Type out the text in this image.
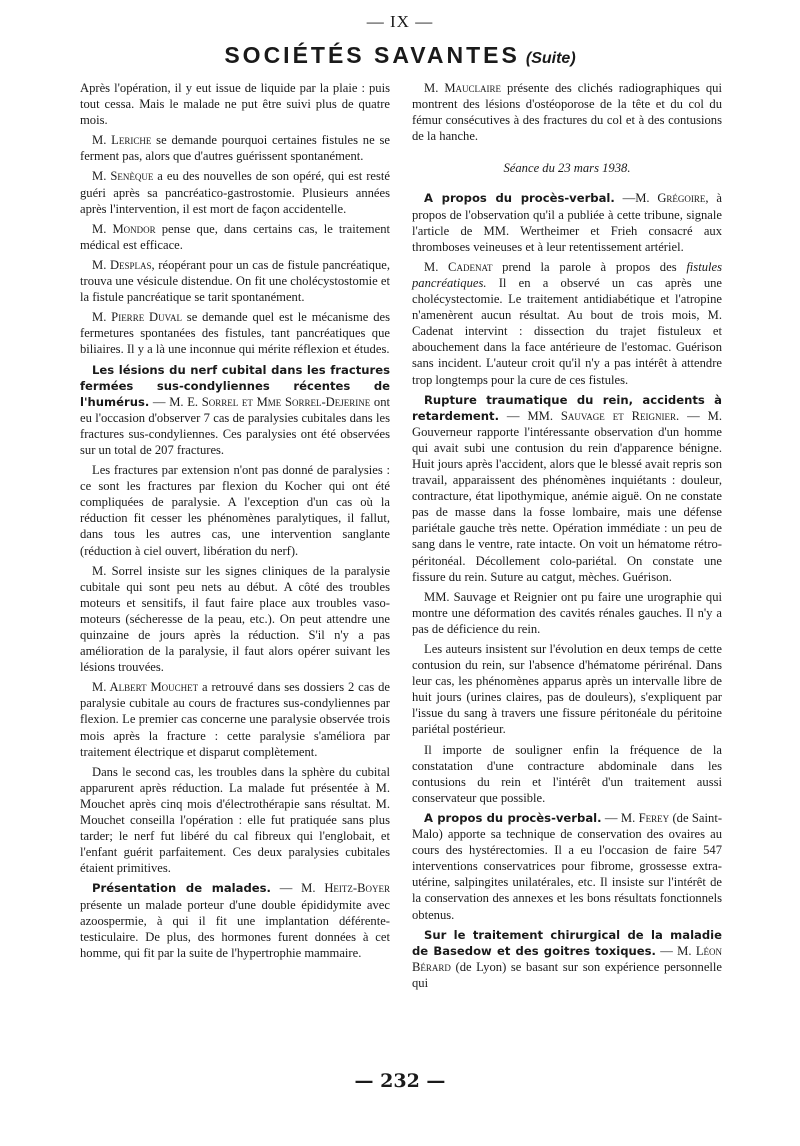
— IX —
SOCIÉTÉS SAVANTES (Suite)

Après l'opération, il y eut issue de liquide par la plaie : puis tout cessa. Mais le malade ne put être suivi plus de quatre mois.

M. Leriche se demande pourquoi certaines fistules ne se ferment pas, alors que d'autres guérissent spontanément.

M. Senèque a eu des nouvelles de son opéré, qui est resté guéri après sa pancréatico-gastrostomie. Plusieurs années après l'intervention, il est mort de façon accidentelle.

M. Mondor pense que, dans certains cas, le traitement médical est efficace.

M. Desplas, réopérant pour un cas de fistule pancréatique, trouva une vésicule distendue. On fit une cholécystostomie et la fistule pancréatique se tarit spontanément.

M. Pierre Duval se demande quel est le mécanisme des fermetures spontanées des fistules, tant pancréatiques que biliaires. Il y a là une inconnue qui mérite réflexion et études.

Les lésions du nerf cubital dans les fractures fermées sus-condyliennes récentes de l'humérus. — M. E. Sorrel et Mme Sorrel-Dejerine ont eu l'occasion d'observer 7 cas de paralysies cubitales dans les fractures sus-condyliennes. Ces paralysies ont été observées sur un total de 207 fractures.

Les fractures par extension n'ont pas donné de paralysies : ce sont les fractures par flexion du Kocher qui ont été compliquées de paralysie. A l'exception d'un cas où la réduction fit cesser les phénomènes paralytiques, il fallut, dans tous les autres cas, une intervention sanglante (réduction à ciel ouvert, libération du nerf).

M. Sorrel insiste sur les signes cliniques de la paralysie cubitale qui sont peu nets au début. A côté des troubles moteurs et sensitifs, il faut faire place aux troubles vaso-moteurs (sécheresse de la peau, etc.). On peut attendre une quinzaine de jours après la réduction. S'il n'y a pas amélioration de la paralysie, il faut alors opérer suivant les lésions trouvées.

M. Albert Mouchet a retrouvé dans ses dossiers 2 cas de paralysie cubitale au cours de fractures sus-condyliennes par flexion. Le premier cas concerne une paralysie observée trois mois après la fracture : cette paralysie s'améliora par traitement électrique et disparut complètement.

Dans le second cas, les troubles dans la sphère du cubital apparurent après réduction. La malade fut présentée à M. Mouchet après cinq mois d'électrothérapie sans résultat. M. Mouchet conseilla l'opération : elle fut pratiquée sans plus tarder; le nerf fut libéré du cal fibreux qui l'englobait, et l'enfant guérit parfaitement. Ces deux paralysies cubitales étaient primitives.

Présentation de malades. — M. Heitz-Boyer présente un malade porteur d'une double épididymite avec azoospermie, à qui il fit une implantation déférente-testiculaire. De plus, des hormones furent données à cet homme, qui fit par la suite de l'hypertrophie mammaire.

M. Mauclaire présente des clichés radiographiques qui montrent des lésions d'ostéoporose de la tête et du col du fémur consécutives à des fractures du col et à des contusions de la hanche.

Séance du 23 mars 1938.

A propos du procès-verbal. —M. Grégoire, à propos de l'observation qu'il a publiée à cette tribune, signale l'article de MM. Wertheimer et Frieh consacré aux thromboses veineuses et à leur retentissement artériel.

M. Cadenat prend la parole à propos des fistules pancréatiques. Il en a observé un cas après une cholécystectomie. Le traitement antidiabétique et l'atropine n'amenèrent aucun résultat. Au bout de trois mois, M. Cadenat intervint : dissection du trajet fistuleux et abouchement dans la face antérieure de l'estomac. Guérison sans incident. L'auteur croit qu'il n'y a pas intérêt à attendre trop longtemps pour la cure de ces fistules.

Rupture traumatique du rein, accidents à retardement. — MM. Sauvage et Reignier. — M. Gouverneur rapporte l'intéressante observation d'un homme qui avait subi une contusion du rein d'apparence bénigne. Huit jours après l'accident, alors que le blessé avait repris son travail, apparaissent des phénomènes inquiétants : douleur, contracture, état lipothymique, anémie aiguë. On ne constate pas de masse dans la fosse lombaire, mais une défense pariétale gauche très nette. Opération immédiate : un peu de sang dans le ventre, rate intacte. On voit un hématome rétro-péritonéal. Décollement colo-pariétal. On constate une fissure du rein. Suture au catgut, mèches. Guérison.

MM. Sauvage et Reignier ont pu faire une urographie qui montre une déformation des cavités rénales gauches. Il n'y a pas de déficience du rein.

Les auteurs insistent sur l'évolution en deux temps de cette contusion du rein, sur l'absence d'hématome périrénal. Dans leur cas, les phénomènes apparus après un intervalle libre de huit jours (urines claires, pas de douleurs), s'expliquent par l'issue du sang à travers une fissure péritonéale du péritoine pariétal postérieur.

Il importe de souligner enfin la fréquence de la constatation d'une contracture abdominale dans les contusions du rein et l'intérêt d'un traitement aussi conservateur que possible.

A propos du procès-verbal. — M. Ferey (de Saint-Malo) apporte sa technique de conservation des ovaires au cours des hystérectomies. Il a eu l'occasion de faire 547 interventions conservatrices pour fibrome, grossesse extra-utérine, salpingites unilatérales, etc. Il insiste sur l'intérêt de la conservation des annexes et les bons résultats fonctionnels obtenus.

Sur le traitement chirurgical de la maladie de Basedow et des goitres toxiques. — M. Léon Bérard (de Lyon) se basant sur son expérience personnelle qui

— 232 —
